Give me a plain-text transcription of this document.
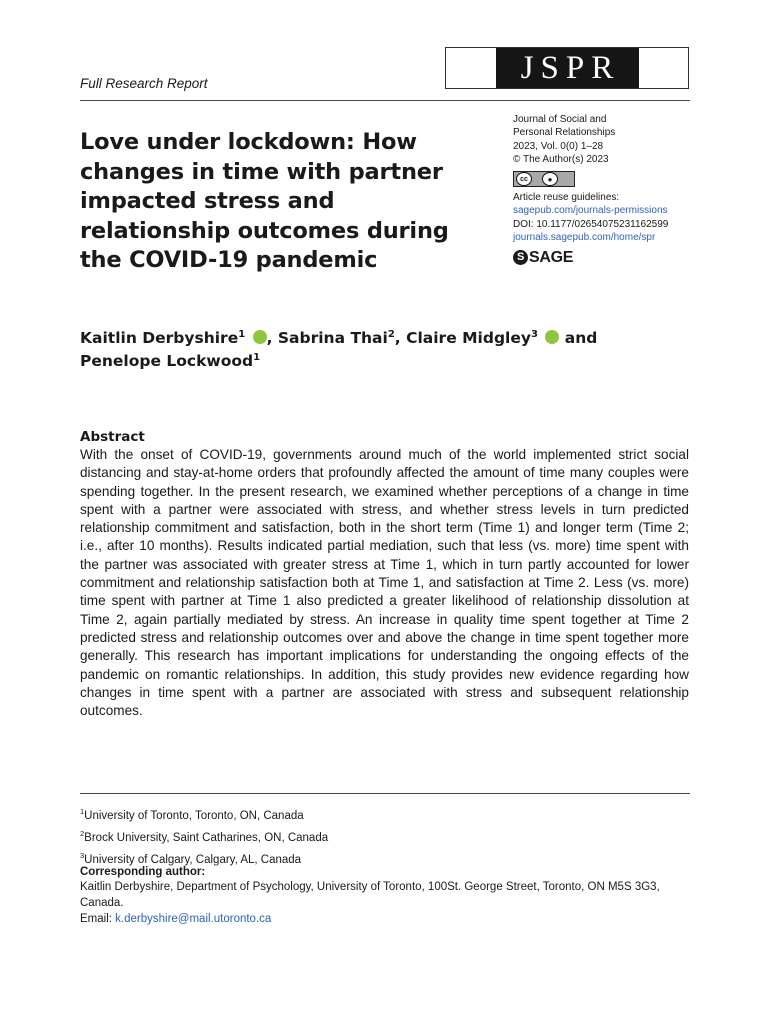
Full Research Report	JSPR
Love under lockdown: How changes in time with partner impacted stress and relationship outcomes during the COVID-19 pandemic
Journal of Social and
Personal Relationships
2023, Vol. 0(0) 1–28
© The Author(s) 2023
cc	●
Article reuse guidelines:
sagepub.com/journals-permissions
DOI: 10.1177/02654075231162599
journals.sagepub.com/home/spr
S SAGE
Kaitlin Derbyshire$^1$ , Sabrina Thai$^2$, Claire Midgley$^3$  and
Penelope Lockwood$^1$
Abstract
With the onset of COVID-19, governments around much of the world implemented strict social distancing and stay-at-home orders that profoundly affected the amount of time many couples were spending together. In the present research, we examined whether perceptions of a change in time spent with a partner were associated with stress, and whether stress levels in turn predicted relationship commitment and satisfaction, both in the short term (Time 1) and longer term (Time 2; i.e., after 10 months). Results indicated partial mediation, such that less (vs. more) time spent with the partner was associated with greater stress at Time 1, which in turn partly accounted for lower commitment and relationship satisfaction both at Time 1, and satisfaction at Time 2. Less (vs. more) time spent with partner at Time 1 also predicted a greater likelihood of relationship dissolution at Time 2, again partially mediated by stress. An increase in quality time spent together at Time 2 predicted stress and relationship outcomes over and above the change in time spent together more generally. This research has important implications for understanding the ongoing effects of the pandemic on romantic relationships. In addition, this study provides new evidence regarding how changes in time spent with a partner are associated with stress and subsequent relationship outcomes.
$^1$University of Toronto, Toronto, ON, Canada
$^2$Brock University, Saint Catharines, ON, Canada
$^3$University of Calgary, Calgary, AL, Canada
Corresponding author:
Kaitlin Derbyshire, Department of Psychology, University of Toronto, 100St. George Street, Toronto, ON M5S 3G3, Canada.
Email: k.derbyshire@mail.utoronto.ca
